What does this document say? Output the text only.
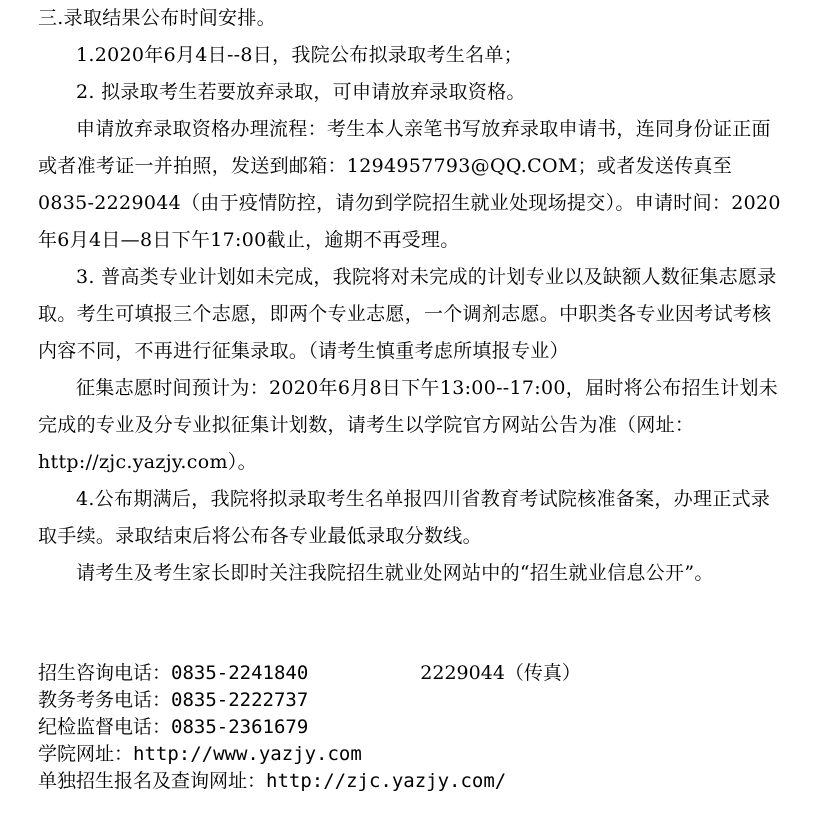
三.录取结果公布时间安排。

1.2020年6月4日--8日，我院公布拟录取考生名单；

2. 拟录取考生若要放弃录取，可申请放弃录取资格。

申请放弃录取资格办理流程：考生本人亲笔书写放弃录取申请书，连同身份证正面或者准考证一并拍照，发送到邮箱：1294957793@QQ.COM；或者发送传真至0835-2229044（由于疫情防控，请勿到学院招生就业处现场提交）。申请时间：2020年6月4日—8日下午17:00截止，逾期不再受理。

3. 普高类专业计划如未完成，我院将对未完成的计划专业以及缺额人数征集志愿录取。考生可填报三个志愿，即两个专业志愿，一个调剂志愿。中职类各专业因考试考核内容不同，不再进行征集录取。（请考生慎重考虑所填报专业）

征集志愿时间预计为：2020年6月8日下午13:00--17:00，届时将公布招生计划未完成的专业及分专业拟征集计划数，请考生以学院官方网站公告为准（网址：http://zjc.yazjy.com）。

4.公布期满后，我院将拟录取考生名单报四川省教育考试院核准备案，办理正式录取手续。录取结束后将公布各专业最低录取分数线。

请考生及考生家长即时关注我院招生就业处网站中的“招生就业信息公开”。

招生咨询电话：0835-2241840	2229044（传真）

教务考务电话：0835-2222737

纪检监督电话：0835-2361679

学院网址：http://www.yazjy.com

单独招生报名及查询网址：http://zjc.yazjy.com/
